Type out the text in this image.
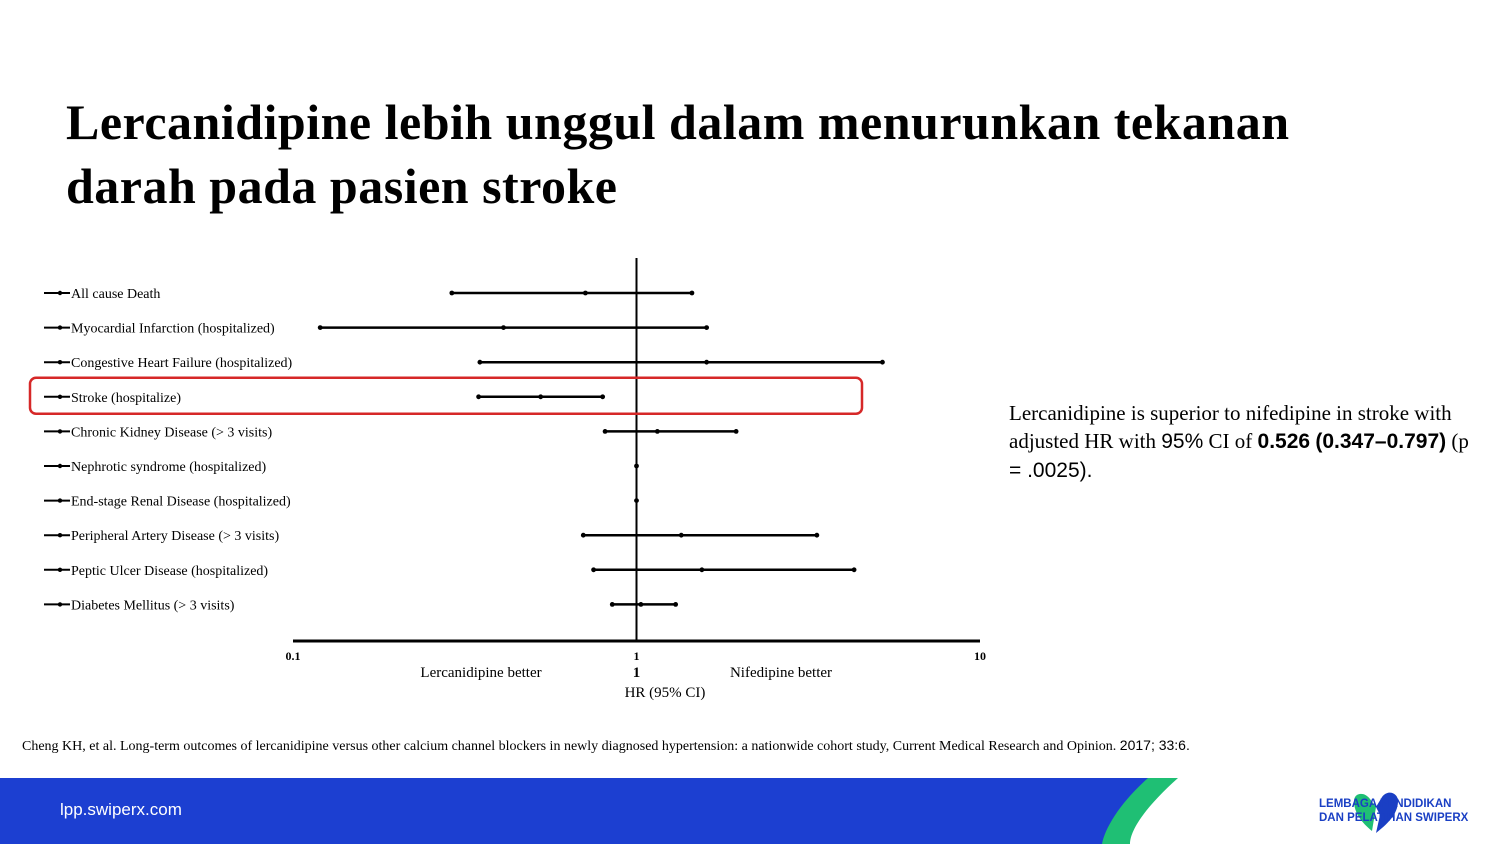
Lercanidipine lebih unggul dalam menurunkan tekanan darah pada pasien stroke
All cause Death
Myocardial Infarction (hospitalized)
Congestive Heart Failure (hospitalized)
Stroke (hospitalize)
Chronic Kidney Disease (> 3 visits)
Nephrotic syndrome (hospitalized)
End-stage Renal Disease (hospitalized)
Peripheral Artery Disease (> 3 visits)
Peptic Ulcer Disease (hospitalized)
Diabetes Mellitus (> 3 visits)
0.1	1	10
Lercanidipine better	1	Nifedipine better
HR (95% CI)
Lercanidipine is superior to nifedipine in stroke with adjusted HR with 95% CI of 0.526 (0.347–0.797) (p = .0025).
Cheng KH, et al. Long-term outcomes of lercanidipine versus other calcium channel blockers in newly diagnosed hypertension: a nationwide cohort study, Current Medical Research and Opinion. 2017; 33:6.
lpp.swiperx.com	LEMBAGA PENDIDIKAN
DAN PELATIHAN SWIPERX
